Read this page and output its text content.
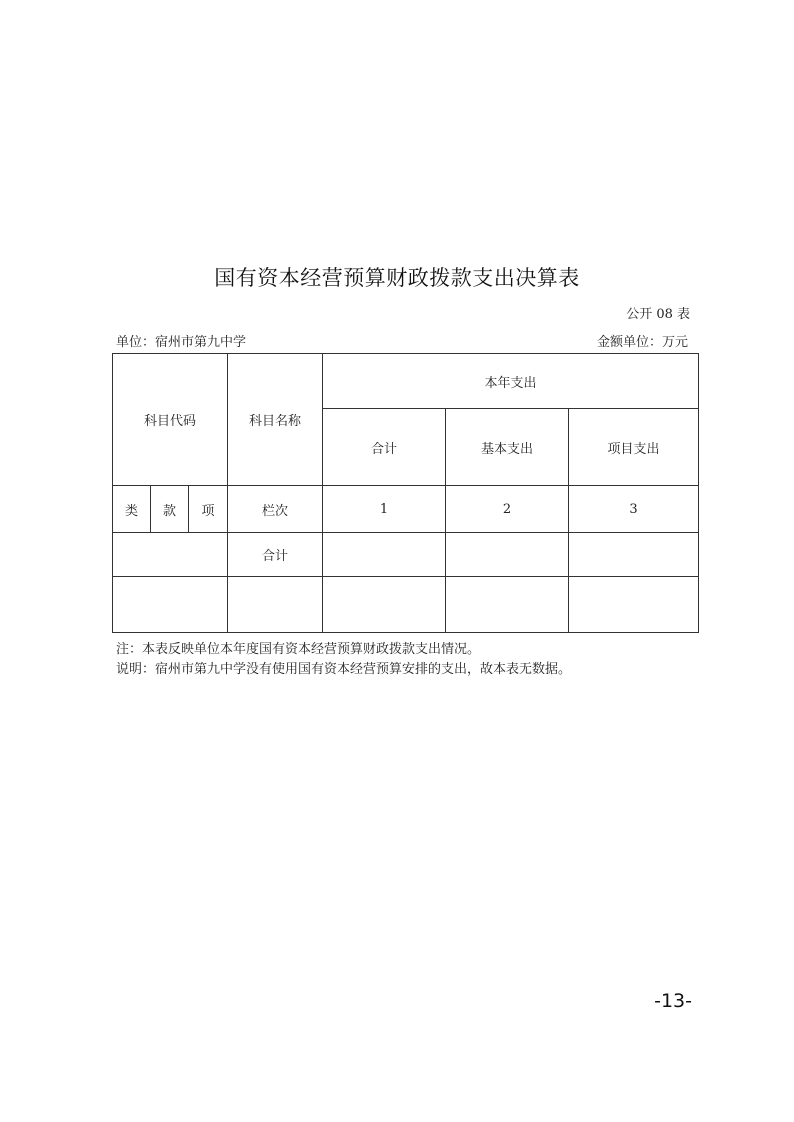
国有资本经营预算财政拨款支出决算表
公开 08 表
单位：宿州市第九中学	金额单位：万元
科目代码			科目名称	本年支出		
				合计	基本支出	项目支出
类	款	项	栏次	1	2	3
			合计			

注：本表反映单位本年度国有资本经营预算财政拨款支出情况。
说明：宿州市第九中学没有使用国有资本经营预算安排的支出，故本表无数据。
-13-
